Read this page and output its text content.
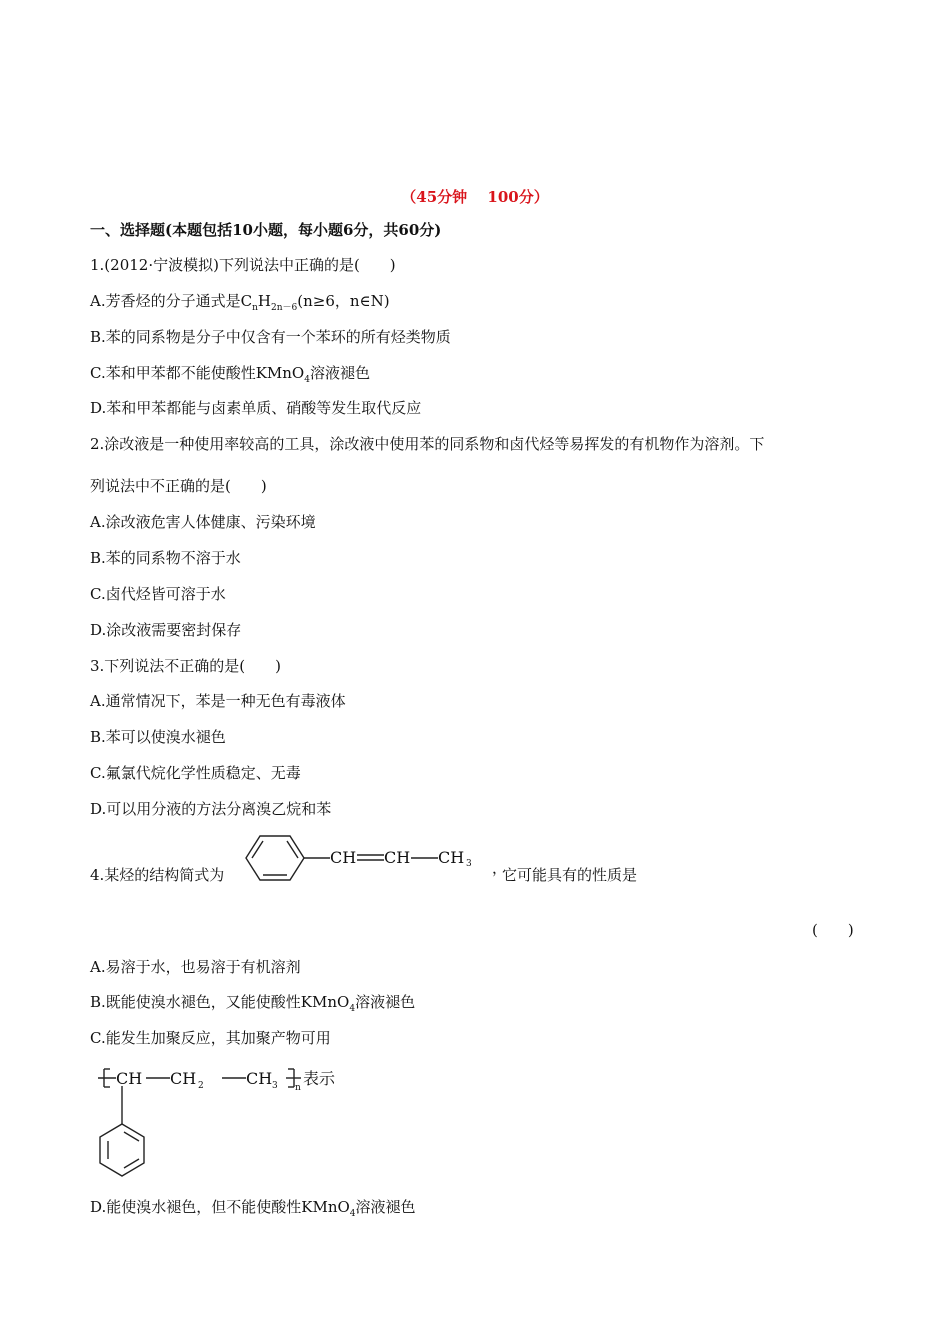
（45分钟　 100分）
一、选择题(本题包括10小题，每小题6分，共60分)
1.(2012·宁波模拟)下列说法中正确的是(　　)
A.芳香烃的分子通式是$C_nH_{2n-6}(n\ge 6$，n∈N)
B.苯的同系物是分子中仅含有一个苯环的所有烃类物质
C.苯和甲苯都不能使酸性KMnO$_4$溶液褪色
D.苯和甲苯都能与卤素单质、硝酸等发生取代反应
2.涂改液是一种使用率较高的工具，涂改液中使用苯的同系物和卤代烃等易挥发的有机物作为溶剂。下
列说法中不正确的是(　　)
A.涂改液危害人体健康、污染环境
B.苯的同系物不溶于水
C.卤代烃皆可溶于水
D.涂改液需要密封保存
3.下列说法不正确的是(　　)
A.通常情况下，苯是一种无色有毒液体
B.苯可以使溴水褪色
C.氟氯代烷化学性质稳定、无毒
D.可以用分液的方法分离溴乙烷和苯
4.某烃的结构简式为
CH CH CH 3 ，
它可能具有的性质是
(　　)
A.易溶于水，也易溶于有机溶剂
B.既能使溴水褪色，又能使酸性KMnO$_4$溶液褪色
C.能发生加聚反应，其加聚产物可用
CH CH 2	CH 3 n 表示
D.能使溴水褪色，但不能使酸性KMnO$_4$溶液褪色
